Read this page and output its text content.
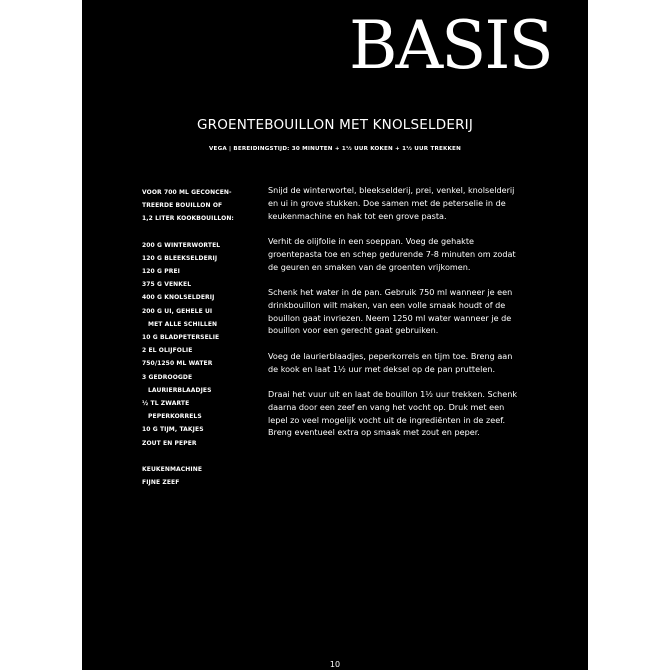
BASIS
GROENTEBOUILLON MET KNOLSELDERIJ
VEGA | BEREIDINGSTIJD: 30 MINUTEN + 1½ UUR KOKEN + 1½ UUR TREKKEN
VOOR 700 ML GECONCEN-
TREERDE BOUILLON OF
1,2 LITER KOOKBOUILLON:
200 G WINTERWORTEL
120 G BLEEKSELDERIJ
120 G PREI
375 G VENKEL
400 G KNOLSELDERIJ
200 G UI, GEHELE UI
MET ALLE SCHILLEN
10 G BLADPETERSELIE
2 EL OLIJFOLIE
750/1250 ML WATER
3 GEDROOGDE
LAURIERBLAADJES
½ TL ZWARTE
PEPERKORRELS
10 G TIJM, TAKJES
ZOUT EN PEPER
KEUKENMACHINE
FIJNE ZEEF

Snijd de winterwortel, bleekselderij, prei, venkel, knolselderij
en ui in grove stukken. Doe samen met de peterselie in de
keukenmachine en hak tot een grove pasta.

Verhit de olijfolie in een soeppan. Voeg de gehakte
groentepasta toe en schep gedurende 7-8 minuten om zodat
de geuren en smaken van de groenten vrijkomen.

Schenk het water in de pan. Gebruik 750 ml wanneer je een
drinkbouillon wilt maken, van een volle smaak houdt of de
bouillon gaat invriezen. Neem 1250 ml water wanneer je de
bouillon voor een gerecht gaat gebruiken.

Voeg de laurierblaadjes, peperkorrels en tijm toe. Breng aan
de kook en laat 1½ uur met deksel op de pan pruttelen.

Draai het vuur uit en laat de bouillon 1½ uur trekken. Schenk
daarna door een zeef en vang het vocht op. Druk met een
lepel zo veel mogelijk vocht uit de ingrediënten in de zeef.
Breng eventueel extra op smaak met zout en peper.

10
